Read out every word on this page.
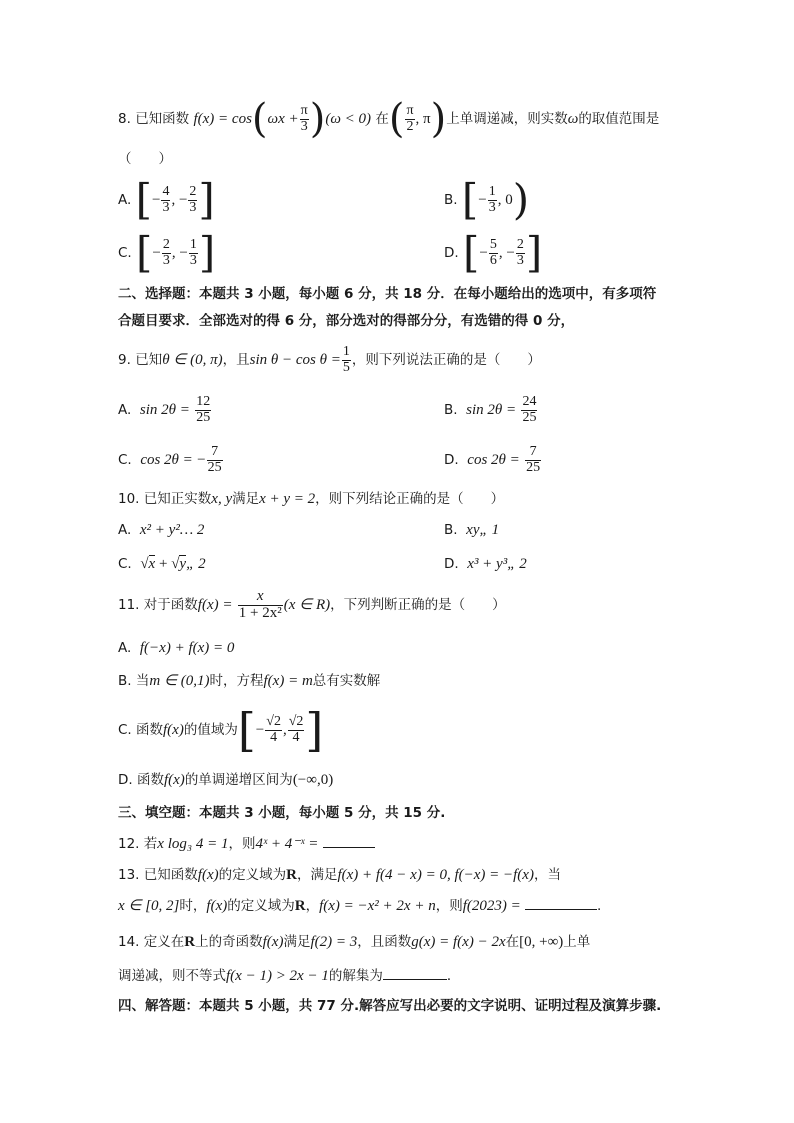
8. 已知函数 $f(x) = \cos(\omega x + \frac{\pi}{3} )(\omega < 0)$ 在( $\frac{\pi}{2}$ , π)上单调递减，则实数ω的取值范围是
（　　）
A. [− $\frac{4}{3}$ , − $\frac{2}{3}$ ]	B. [− $\frac{1}{3}$ , 0)
C. [− $\frac{2}{3}$ , − $\frac{1}{3}$ ]	D. [− $\frac{5}{6}$ , − $\frac{2}{3}$ ]
二、选择题：本题共 3 小题，每小题 6 分，共 18 分．在每小题给出的选项中，有多项符
合题目要求．全部选对的得 6 分，部分选对的得部分分，有选错的得 0 分，
9. 已知θ ∈ (0, π)，且$\sin \theta - \cos \theta = \frac{1}{5}$ ，则下列说法正确的是（　　）
A. $\sin 2\theta = \frac{12}{25}$	B. $\sin 2\theta = \frac{24}{25}$
C. cos 2θ = − $\frac{7}{25}$	D. $\cos 2\theta = \frac{7}{25}$
10. 已知正实数x, y满足x + y = 2，则下列结论正确的是（　　）
A. x² + y²… 2	B. xy„ 1
C. √x + √y„ 2	D. x³ + y³„ 2
11. 对于函数$f(x) = \frac{x}{\text{1 + 2x²}} (x$ ∈ R)，下列判断正确的是（　　）
A. f(−x) + f(x) = 0
B. 当m ∈ (0,1)时，方程f(x) = m总有实数解
C. 函数f(x)的值域为[− $\frac{√2}{4}$ , $\frac{√2}{4}$ ]
D. 函数f(x)的单调递增区间为(−∞,0)
三、填空题：本题共 3 小题，每小题 5 分，共 15 分.
12. 若x log₃ 4 = 1，则4ˣ + 4⁻ˣ =
13. 已知函数f(x)的定义域为R，满足f(x) + f(4 − x) = 0, f(−x) = −f(x)，当
x ∈ [0, 2]时，f(x)的定义域为R，f(x) = −x² + 2x + n，则f(2023) =	.
14. 定义在R上的奇函数f(x)满足f(2) = 3，且函数g(x) = f(x) − 2x在[0, +∞)上单
调递减，则不等式f(x − 1) > 2x − 1的解集为	．
四、解答题：本题共 5 小题，共 77 分.解答应写出必要的文字说明、证明过程及演算步骤.
